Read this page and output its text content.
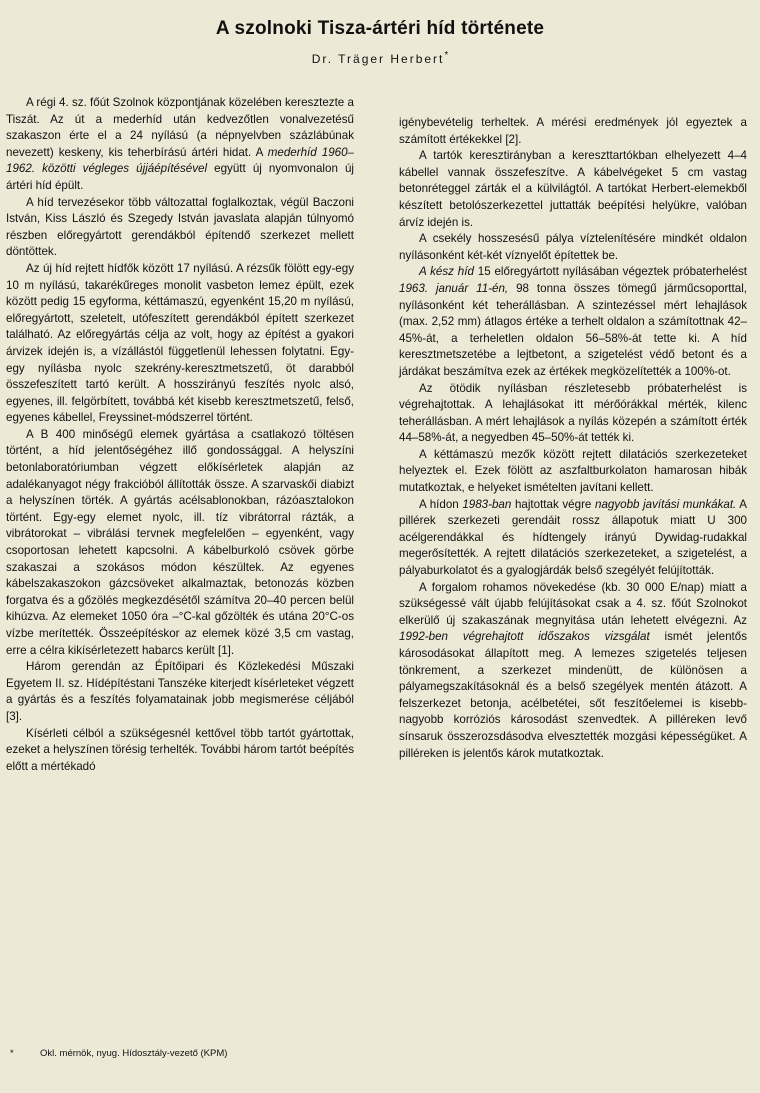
A szolnoki Tisza-ártéri híd története
Dr. Träger Herbert*

A régi 4. sz. főút Szolnok központjának közelében keresztezte a Tiszát. Az út a mederhíd után kedvezőtlen vonalvezetésű szakaszon érte el a 24 nyílású (a népnyelvben százlábúnak nevezett) keskeny, kis teherbírású ártéri hidat. A mederhíd 1960–1962. közötti végleges újjáépítésével együtt új nyomvonalon új ártéri híd épült.

A híd tervezésekor több változattal foglalkoztak, végül Baczoni István, Kiss László és Szegedy István javaslata alapján túlnyomó részben előregyártott gerendákból építendő szerkezet mellett döntöttek.

Az új híd rejtett hídfők között 17 nyílású. A rézsűk fölött egy-egy 10 m nyílású, takarékűreges monolit vasbeton lemez épült, ezek között pedig 15 egyforma, kéttámaszú, egyenként 15,20 m nyílású, előregyártott, szeletelt, utófeszített gerendákból épített szerkezet található. Az előregyártás célja az volt, hogy az építést a gyakori árvizek idején is, a vízállástól függetlenül lehessen folytatni. Egy-egy nyílásba nyolc szekrény-keresztmetszetű, öt darabból összefeszített tartó került. A hosszirányú feszítés nyolc alsó, egyenes, ill. felgörbített, továbbá két kisebb keresztmetszetű, felső, egyenes kábellel, Freyssinet-módszerrel történt.

A B 400 minőségű elemek gyártása a csatlakozó töltésen történt, a híd jelentőségéhez illő gondossággal. A helyszíni betonlaboratóriumban végzett előkísérletek alapján az adalékanyagot négy frakcióból állították össze. A szarvaskői diabizt a helyszínen törték. A gyártás acélsablonokban, rázóasztalokon történt. Egy-egy elemet nyolc, ill. tíz vibrátorral rázták, a vibrátorokat – vibrálási tervnek megfelelően – egyenként, vagy csoportosan lehetett kapcsolni. A kábelburkoló csövek görbe szakaszai a szokásos módon készültek. Az egyenes kábelszakaszokon gázcsöveket alkalmaztak, betonozás közben forgatva és a gőzölés megkezdésétől számítva 20–40 percen belül kihúzva. Az elemeket 1050 óra –°C-kal gőzölték és utána 20°C-os vízbe merítették. Összeépítéskor az elemek közé 3,5 cm vastag, erre a célra kikísérletezett habarcs került [1].

Három gerendán az Építőipari és Közlekedési Műszaki Egyetem II. sz. Hídépítéstani Tanszéke kiterjedt kísérleteket végzett a gyártás és a feszítés folyamatainak jobb megismerése céljából [3].

Kísérleti célból a szükségesnél kettővel több tartót gyártottak, ezeket a helyszínen törésig terhelték. További három tartót beépítés előtt a mértékadó

igénybevételig terheltek. A mérési eredmények jól egyeztek a számított értékekkel [2].

A tartók keresztirányban a kereszttartókban elhelyezett 4–4 kábellel vannak összefeszítve. A kábelvégeket 5 cm vastag betonréteggel zárták el a külvilágtól. A tartókat Herbert-elemekből készített betolószerkezettel juttatták beépítési helyükre, valóban árvíz idején is.

A csekély hosszesésű pálya víztelenítésére mindkét oldalon nyílásonként két-két víznyelőt építettek be.

A kész híd 15 előregyártott nyílásában végeztek próbaterhelést 1963. január 11-én, 98 tonna összes tömegű járműcsoporttal, nyílásonként két teherállásban. A szintezéssel mért lehajlások (max. 2,52 mm) átlagos értéke a terhelt oldalon a számítottnak 42–45%-át, a terheletlen oldalon 56–58%-át tette ki. A híd keresztmetszetébe a lejtbetont, a szigetelést védő betont és a járdákat beszámítva ezek az értékek megközelítették a 100%-ot.

Az ötödik nyílásban részletesebb próbaterhelést is végrehajtottak. A lehajlásokat itt mérőórákkal mérték, kilenc teherállásban. A mért lehajlások a nyílás közepén a számított érték 44–58%-át, a negyedben 45–50%-át tették ki.

A kéttámaszú mezők között rejtett dilatációs szerkezeteket helyeztek el. Ezek fölött az aszfaltburkolaton hamarosan hibák mutatkoztak, e helyeket ismételten javítani kellett.

A hídon 1983-ban hajtottak végre nagyobb javítási munkákat. A pillérek szerkezeti gerendáit rossz állapotuk miatt U 300 acélgerendákkal és hídtengely irányú Dywidag-rudakkal megerősítették. A rejtett dilatációs szerkezeteket, a szigetelést, a pályaburkolatot és a gyalogjárdák belső szegélyét felújították.

A forgalom rohamos növekedése (kb. 30 000 E/nap) miatt a szükségessé vált újabb felújításokat csak a 4. sz. főút Szolnokot elkerülő új szakaszának megnyitása után lehetett elvégezni. Az 1992-ben végrehajtott időszakos vizsgálat ismét jelentős károsodásokat állapított meg. A lemezes szigetelés teljesen tönkrement, a szerkezet mindenütt, de különösen a pályamegszakításoknál és a belső szegélyek mentén átázott. A felszerkezet betonja, acélbetétei, sőt feszítőelemei is kisebb-nagyobb korróziós károsodást szenvedtek. A pilléreken levő sínsaruk összerozsdásodva elvesztették mozgási képességüket. A pilléreken is jelentős károk mutatkoztak.

*	Okl. mérnök, nyug. Hídosztály-vezető (KPM)
